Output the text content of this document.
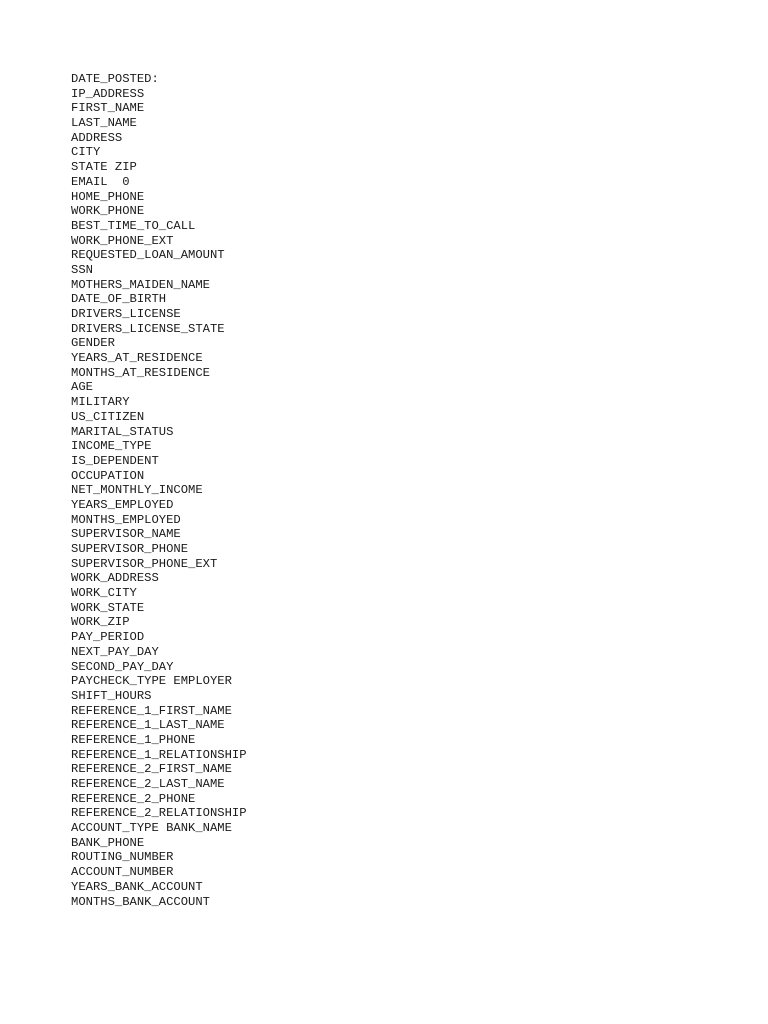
DATE_POSTED:
IP_ADDRESS
FIRST_NAME
LAST_NAME
ADDRESS
CITY
STATE ZIP
EMAIL  0
HOME_PHONE
WORK_PHONE
BEST_TIME_TO_CALL
WORK_PHONE_EXT
REQUESTED_LOAN_AMOUNT
SSN
MOTHERS_MAIDEN_NAME
DATE_OF_BIRTH
DRIVERS_LICENSE
DRIVERS_LICENSE_STATE
GENDER
YEARS_AT_RESIDENCE
MONTHS_AT_RESIDENCE
AGE
MILITARY
US_CITIZEN
MARITAL_STATUS
INCOME_TYPE
IS_DEPENDENT
OCCUPATION
NET_MONTHLY_INCOME
YEARS_EMPLOYED
MONTHS_EMPLOYED
SUPERVISOR_NAME
SUPERVISOR_PHONE
SUPERVISOR_PHONE_EXT
WORK_ADDRESS
WORK_CITY
WORK_STATE
WORK_ZIP
PAY_PERIOD
NEXT_PAY_DAY
SECOND_PAY_DAY
PAYCHECK_TYPE EMPLOYER
SHIFT_HOURS
REFERENCE_1_FIRST_NAME
REFERENCE_1_LAST_NAME
REFERENCE_1_PHONE
REFERENCE_1_RELATIONSHIP
REFERENCE_2_FIRST_NAME
REFERENCE_2_LAST_NAME
REFERENCE_2_PHONE
REFERENCE_2_RELATIONSHIP
ACCOUNT_TYPE BANK_NAME
BANK_PHONE
ROUTING_NUMBER
ACCOUNT_NUMBER
YEARS_BANK_ACCOUNT
MONTHS_BANK_ACCOUNT
